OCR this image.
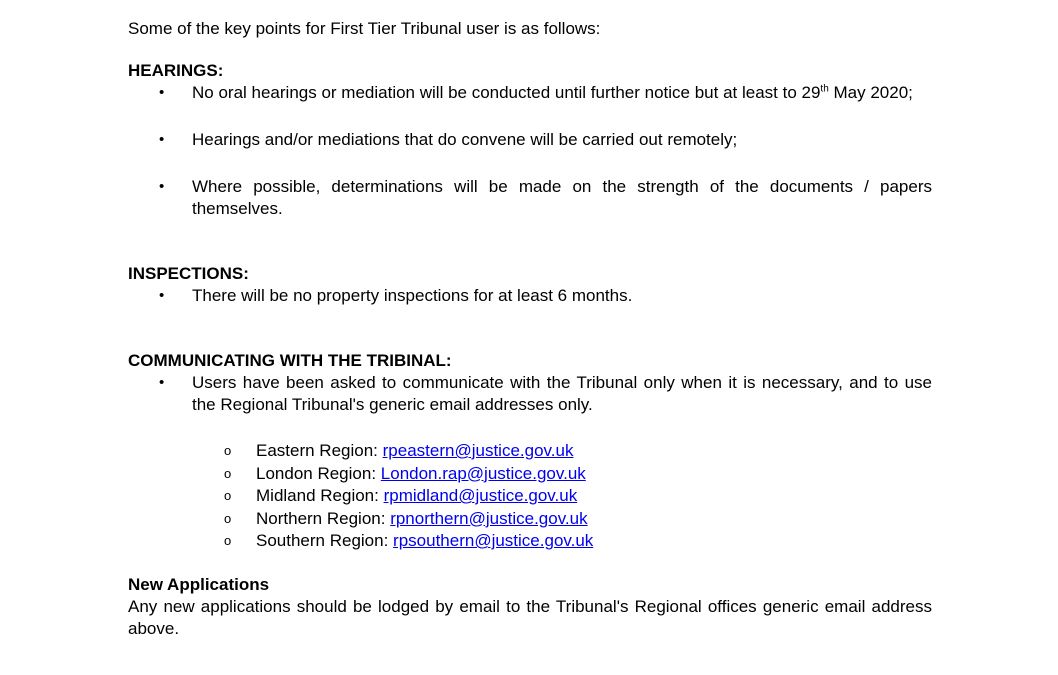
Some of the key points for First Tier Tribunal user is as follows:

HEARINGS:

• No oral hearings or mediation will be conducted until further notice but at least to 29th May 2020;
• Hearings and/or mediations that do convene will be carried out remotely;
• Where possible, determinations will be made on the strength of the documents / papers themselves.

INSPECTIONS:

• There will be no property inspections for at least 6 months.

COMMUNICATING WITH THE TRIBINAL:

• Users have been asked to communicate with the Tribunal only when it is necessary, and to use the Regional Tribunal's generic email addresses only.
o Eastern Region: rpeastern@justice.gov.uk
o London Region: London.rap@justice.gov.uk
o Midland Region: rpmidland@justice.gov.uk
o Northern Region: rpnorthern@justice.gov.uk
o Southern Region: rpsouthern@justice.gov.uk

New Applications

Any new applications should be lodged by email to the Tribunal's Regional offices generic email address above.
